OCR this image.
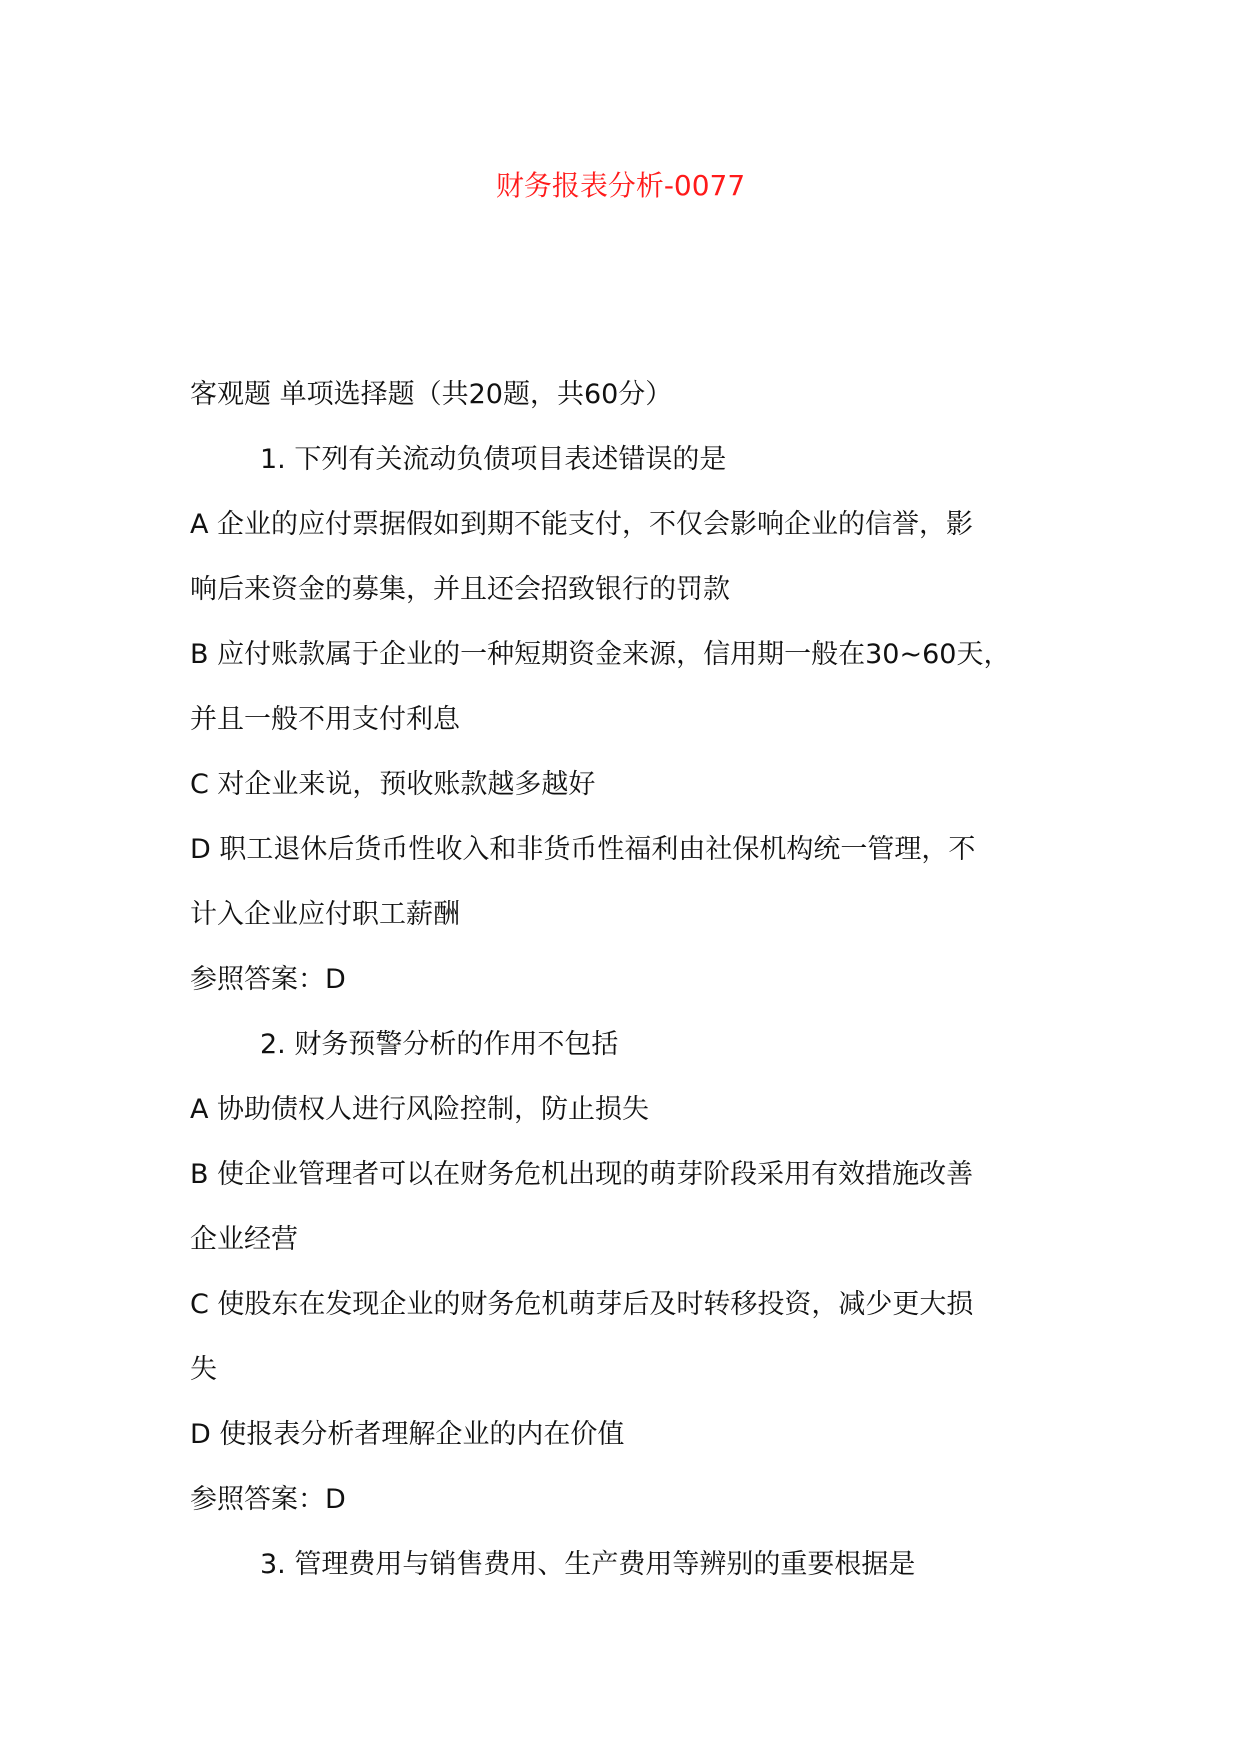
财务报表分析-0077
客观题 单项选择题（共20题，共60分）
1. 下列有关流动负债项目表述错误的是
A 企业的应付票据假如到期不能支付，不仅会影响企业的信誉，影
响后来资金的募集，并且还会招致银行的罚款
B 应付账款属于企业的一种短期资金来源，信用期一般在30~60天，
并且一般不用支付利息
C 对企业来说，预收账款越多越好
D 职工退休后货币性收入和非货币性福利由社保机构统一管理，不
计入企业应付职工薪酬
参照答案：D
2. 财务预警分析的作用不包括
A 协助债权人进行风险控制，防止损失
B 使企业管理者可以在财务危机出现的萌芽阶段采用有效措施改善
企业经营
C 使股东在发现企业的财务危机萌芽后及时转移投资，减少更大损
失
D 使报表分析者理解企业的内在价值
参照答案：D
3. 管理费用与销售费用、生产费用等辨别的重要根据是
